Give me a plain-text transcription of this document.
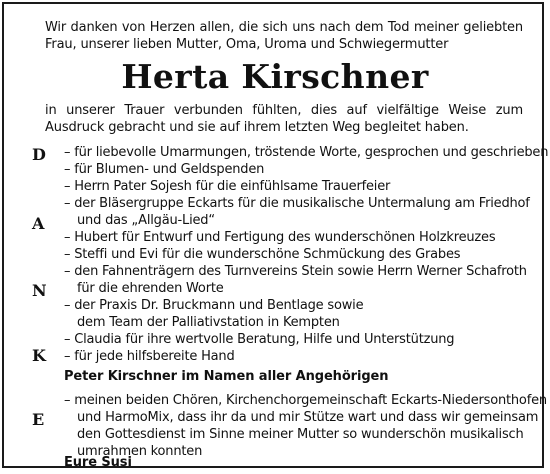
Wir danken von Herzen allen, die sich uns nach dem Tod meiner geliebten Frau, unserer lieben Mutter, Oma, Uroma und Schwiegermutter
Herta Kirschner
in unserer Trauer verbunden fühlten, dies auf vielfältige Weise zum Ausdruck gebracht und sie auf ihrem letzten Weg begleitet haben.
D
A
N
K
E
– für liebevolle Umarmungen, tröstende Worte, gesprochen und geschrieben
– für Blumen- und Geldspenden
– Herrn Pater Sojesh für die einfühlsame Trauerfeier
– der Bläsergruppe Eckarts für die musikalische Untermalung am Friedhof
und das „Allgäu-Lied“
– Hubert für Entwurf und Fertigung des wunderschönen Holzkreuzes
– Steffi und Evi für die wunderschöne Schmückung des Grabes
– den Fahnenträgern des Turnvereins Stein sowie Herrn Werner Schafroth
für die ehrenden Worte
– der Praxis Dr. Bruckmann und Bentlage sowie
dem Team der Palliativstation in Kempten
– Claudia für ihre wertvolle Beratung, Hilfe und Unterstützung
– für jede hilfsbereite Hand
Peter Kirschner im Namen aller Angehörigen
– meinen beiden Chören, Kirchenchorgemeinschaft Eckarts-Niedersonthofen
und HarmoMix, dass ihr da und mir Stütze wart und dass wir gemeinsam
den Gottesdienst im Sinne meiner Mutter so wunderschön musikalisch
umrahmen konnten
Eure Susi
